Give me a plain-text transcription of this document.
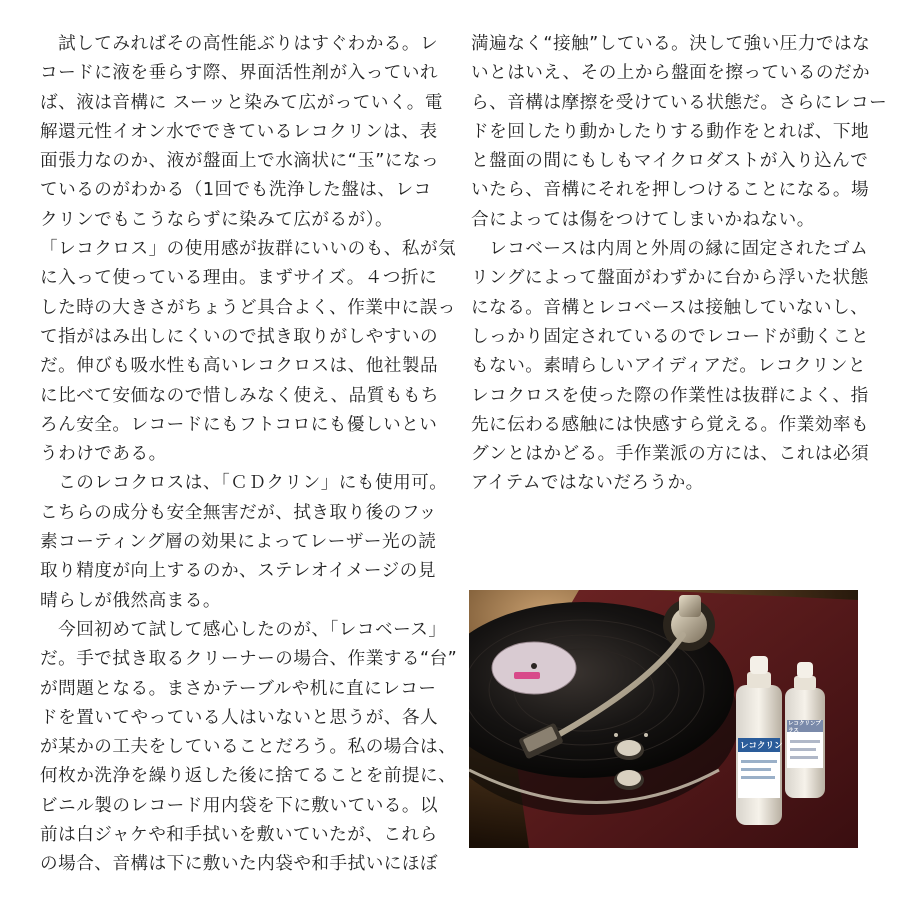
　試してみればその高性能ぶりはすぐわかる。レ
コードに液を垂らす際、界面活性剤が入っていれ
ば、液は音構に スーッと染みて広がっていく。電
解還元性イオン水でできているレコクリンは、表
面張力なのか、液が盤面上で水滴状に“玉”になっ
ているのがわかる（1回でも洗浄した盤は、レコ
クリンでもこうならずに染みて広がるが）。
「レコクロス」の使用感が抜群にいいのも、私が気
に入って使っている理由。まずサイズ。４つ折に
した時の大きさがちょうど具合よく、作業中に誤っ
て指がはみ出しにくいので拭き取りがしやすいの
だ。伸びも吸水性も高いレコクロスは、他社製品
に比べて安価なので惜しみなく使え、品質ももち
ろん安全。レコードにもフトコロにも優しいとい
うわけである。
　このレコクロスは、「ＣＤクリン」にも使用可。
こちらの成分も安全無害だが、拭き取り後のフッ
素コーティング層の効果によってレーザー光の読
取り精度が向上するのか、ステレオイメージの見
晴らしが俄然高まる。
　今回初めて試して感心したのが、「レコベース」
だ。手で拭き取るクリーナーの場合、作業する“台”
が問題となる。まさかテーブルや机に直にレコー
ドを置いてやっている人はいないと思うが、各人
が某かの工夫をしていることだろう。私の場合は、
何枚か洗浄を繰り返した後に捨てることを前提に、
ビニル製のレコード用内袋を下に敷いている。以
前は白ジャケや和手拭いを敷いていたが、これら
の場合、音構は下に敷いた内袋や和手拭いにほぼ
満遍なく“接触”している。決して強い圧力ではな
いとはいえ、その上から盤面を擦っているのだか
ら、音構は摩擦を受けている状態だ。さらにレコー
ドを回したり動かしたりする動作をとれば、下地
と盤面の間にもしもマイクロダストが入り込んで
いたら、音構にそれを押しつけることになる。場
合によっては傷をつけてしまいかねない。
　レコベースは内周と外周の縁に固定されたゴム
リングによって盤面がわずかに台から浮いた状態
になる。音構とレコベースは接触していないし、
しっかり固定されているのでレコードが動くこと
もない。素晴らしいアイディアだ。レコクリンと
レコクロスを使った際の作業性は抜群によく、指
先に伝わる感触には快感すら覚える。作業効率も
グンとはかどる。手作業派の方には、これは必須
アイテムではないだろうか。
レコクリン
レコクリンプラス
